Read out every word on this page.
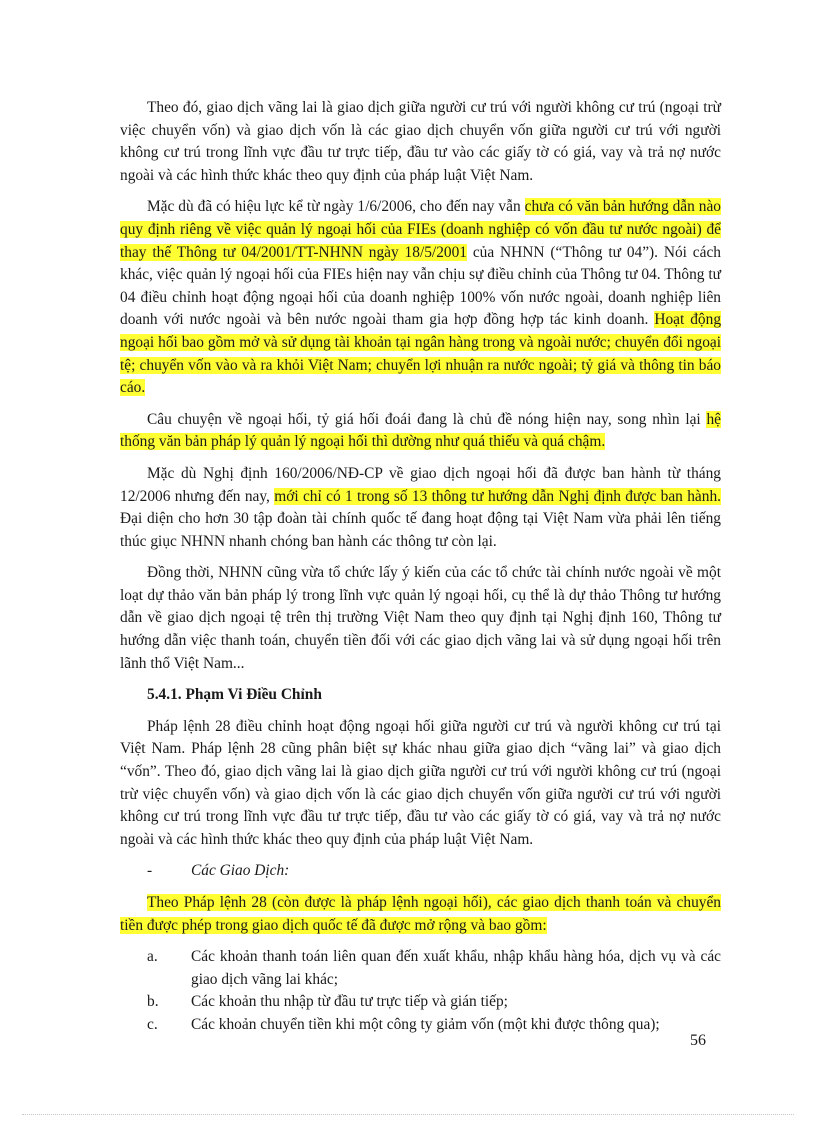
Theo đó, giao dịch vãng lai là giao dịch giữa người cư trú với người không cư trú (ngoại trừ việc chuyển vốn) và giao dịch vốn là các giao dịch chuyển vốn giữa người cư trú với người không cư trú trong lĩnh vực đầu tư trực tiếp, đầu tư vào các giấy tờ có giá, vay và trả nợ nước ngoài và các hình thức khác theo quy định của pháp luật Việt Nam.

Mặc dù đã có hiệu lực kể từ ngày 1/6/2006, cho đến nay vẫn chưa có văn bản hướng dẫn nào quy định riêng về việc quản lý ngoại hối của FIEs (doanh nghiệp có vốn đầu tư nước ngoài) để thay thế Thông tư 04/2001/TT-NHNN ngày 18/5/2001 của NHNN (“Thông tư 04”). Nói cách khác, việc quản lý ngoại hối của FIEs hiện nay vẫn chịu sự điều chỉnh của Thông tư 04. Thông tư 04 điều chỉnh hoạt động ngoại hối của doanh nghiệp 100% vốn nước ngoài, doanh nghiệp liên doanh với nước ngoài và bên nước ngoài tham gia hợp đồng hợp tác kinh doanh. Hoạt động ngoại hối bao gồm mở và sử dụng tài khoản tại ngân hàng trong và ngoài nước; chuyển đổi ngoại tệ; chuyển vốn vào và ra khỏi Việt Nam; chuyển lợi nhuận ra nước ngoài; tỷ giá và thông tin báo cáo.

Câu chuyện về ngoại hối, tỷ giá hối đoái đang là chủ đề nóng hiện nay, song nhìn lại hệ thống văn bản pháp lý quản lý ngoại hối thì dường như quá thiếu và quá chậm.

Mặc dù Nghị định 160/2006/NĐ-CP về giao dịch ngoại hối đã được ban hành từ tháng 12/2006 nhưng đến nay, mới chỉ có 1 trong số 13 thông tư hướng dẫn Nghị định được ban hành. Đại diện cho hơn 30 tập đoàn tài chính quốc tế đang hoạt động tại Việt Nam vừa phải lên tiếng thúc giục NHNN nhanh chóng ban hành các thông tư còn lại.

Đồng thời, NHNN cũng vừa tổ chức lấy ý kiến của các tổ chức tài chính nước ngoài về một loạt dự thảo văn bản pháp lý trong lĩnh vực quản lý ngoại hối, cụ thể là dự thảo Thông tư hướng dẫn về giao dịch ngoại tệ trên thị trường Việt Nam theo quy định tại Nghị định 160, Thông tư hướng dẫn việc thanh toán, chuyển tiền đối với các giao dịch vãng lai và sử dụng ngoại hối trên lãnh thổ Việt Nam...

5.4.1. Phạm Vi Điều Chỉnh

Pháp lệnh 28 điều chỉnh hoạt động ngoại hối giữa người cư trú và người không cư trú tại Việt Nam. Pháp lệnh 28 cũng phân biệt sự khác nhau giữa giao dịch “vãng lai” và giao dịch “vốn”. Theo đó, giao dịch vãng lai là giao dịch giữa người cư trú với người không cư trú (ngoại trừ việc chuyển vốn) và giao dịch vốn là các giao dịch chuyển vốn giữa người cư trú với người không cư trú trong lĩnh vực đầu tư trực tiếp, đầu tư vào các giấy tờ có giá, vay và trả nợ nước ngoài và các hình thức khác theo quy định của pháp luật Việt Nam.

-	Các Giao Dịch:

Theo Pháp lệnh 28 (còn được là pháp lệnh ngoại hối), các giao dịch thanh toán và chuyển tiền được phép trong giao dịch quốc tế đã được mở rộng và bao gồm:

a.	Các khoản thanh toán liên quan đến xuất khẩu, nhập khẩu hàng hóa, dịch vụ và các giao dịch vãng lai khác;
b.	Các khoản thu nhập từ đầu tư trực tiếp và gián tiếp;
c.	Các khoản chuyển tiền khi một công ty giảm vốn (một khi được thông qua);
56
